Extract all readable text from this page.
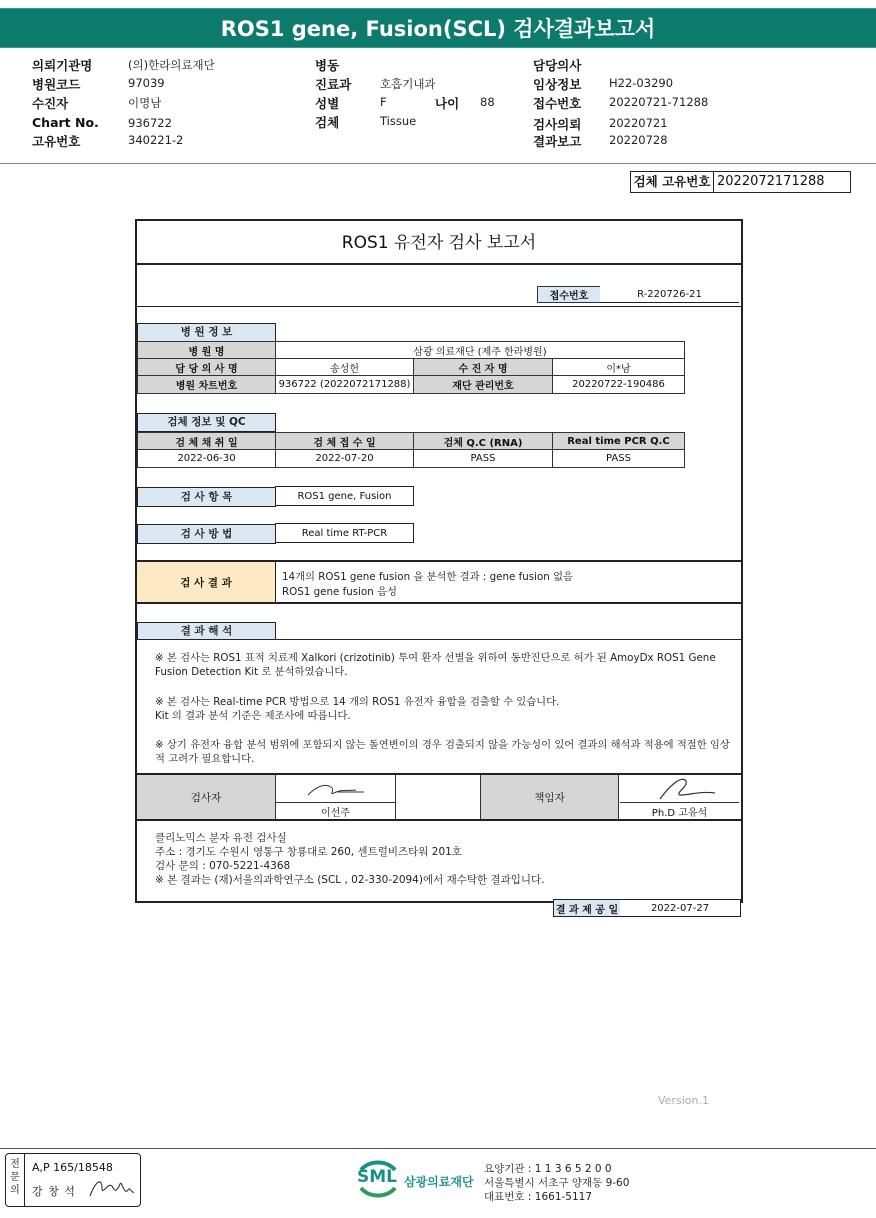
ROS1 gene, Fusion(SCL) 검사결과보고서
의뢰기관명	(의)한라의료재단
병원코드	97039
수진자	이명남
Chart No.	936722
고유번호	340221-2
병동
진료과	호흡기내과
성별	F	나이 88
검체	Tissue
담당의사
임상정보 H22-03290
접수번호 20220721-71288
검사의뢰 20220721
결과보고 20220728
검체 고유번호 2022072171288
ROS1 유전자 검사 보고서
접수번호	R-220726-21
병 원 정 보
병 원 명	삼광 의료재단 (제주 한라병원)
담 당 의 사 명	송성헌	수 진 자 명	이*남
병원 차트번호	936722 (2022072171288)	재단 관리번호	20220722-190486
검체 정보 및 QC
검 체 채 취 일	검 체 접 수 일	검체 Q.C (RNA)	Real time PCR Q.C
2022-06-30	2022-07-20	PASS	PASS
검 사 항 목	ROS1 gene, Fusion
검 사 방 법	Real time RT-PCR
검 사 결 과	14개의 ROS1 gene fusion 을 분석한 결과 : gene fusion 없음
ROS1 gene fusion 음성
결 과 해 석
※ 본 검사는 ROS1 표적 치료제 Xalkori (crizotinib) 투여 환자 선별을 위하여 동반진단으로 허가 된 AmoyDx ROS1 Gene
Fusion Detection Kit 로 분석하였습니다.
※ 본 검사는 Real-time PCR 방법으로 14 개의 ROS1 유전자 융합을 검출할 수 있습니다.
Kit 의 결과 분석 기준은 제조사에 따릅니다.
※ 상기 유전자 융합 분석 범위에 포함되지 않는 돌연변이의 경우 검출되지 않을 가능성이 있어 결과의 해석과 적용에 적절한 임상
적 고려가 필요합니다.
검사자
이선주
책임자
Ph.D 고유석
클리노믹스 분자 유전 검사실
주소 : 경기도 수원시 영통구 창룡대로 260, 센트럴비즈타워 201호
검사 문의 : 070-5221-4368
※ 본 결과는 (재)서울의과학연구소 (SCL , 02-330-2094)에서 재수탁한 결과입니다.
결 과 제 공 일	2022-07-27
Version.1
전문의
A,P 165/18548
강 창 석
SML 삼광의료재단
요양기관 : 1 1 3 6 5 2 0 0
서울특별시 서초구 양재동 9-60
대표번호 : 1661-5117
